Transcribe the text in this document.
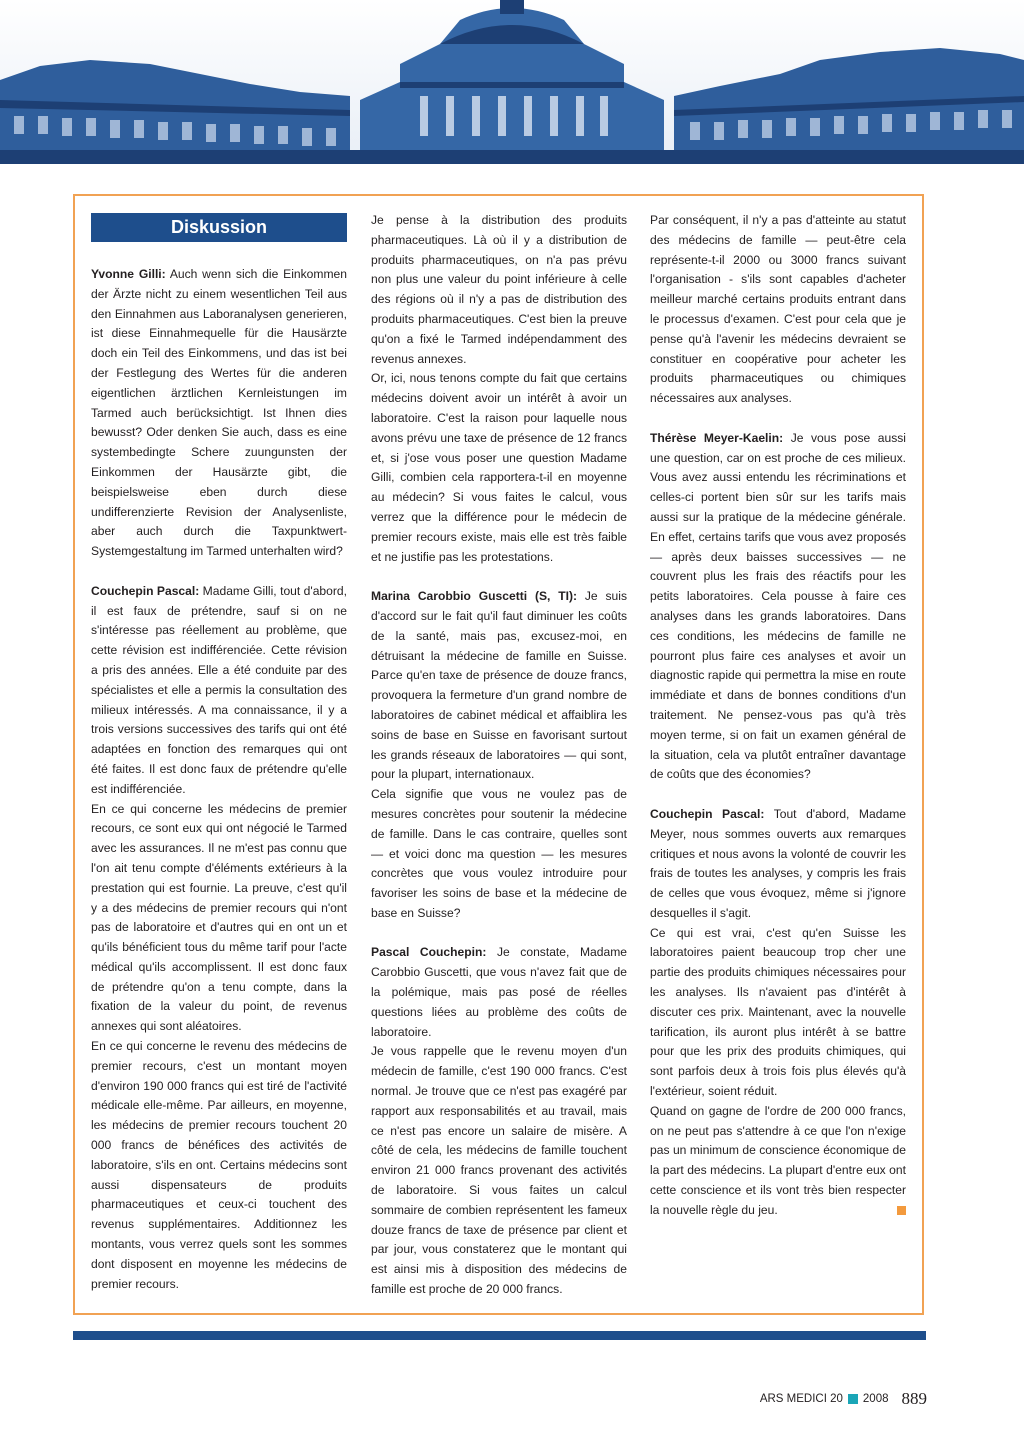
Diskussion

Yvonne Gilli: Auch wenn sich die Einkommen der Ärzte nicht zu einem wesentlichen Teil aus den Einnahmen aus Laboranalysen generieren, ist diese Einnahmequelle für die Hausärzte doch ein Teil des Einkommens, und das ist bei der Festlegung des Wertes für die anderen eigentlichen ärztlichen Kernleistungen im Tarmed auch berücksichtigt. Ist Ihnen dies bewusst? Oder denken Sie auch, dass es eine systembedingte Schere zuungunsten der Einkommen der Hausärzte gibt, die beispielsweise eben durch diese undifferenzierte Revision der Analysenliste, aber auch durch die Taxpunktwert-Systemgestaltung im Tarmed unterhalten wird?

Couchepin Pascal: Madame Gilli, tout d'abord, il est faux de prétendre, sauf si on ne s'intéresse pas réellement au problème, que cette révision est indifférenciée. Cette révision a pris des années. Elle a été conduite par des spécialistes et elle a permis la consultation des milieux intéressés. A ma connaissance, il y a trois versions successives des tarifs qui ont été adaptées en fonction des remarques qui ont été faites. Il est donc faux de prétendre qu'elle est indifférenciée.

En ce qui concerne les médecins de premier recours, ce sont eux qui ont négocié le Tarmed avec les assurances. Il ne m'est pas connu que l'on ait tenu compte d'éléments extérieurs à la prestation qui est fournie. La preuve, c'est qu'il y a des médecins de premier recours qui n'ont pas de laboratoire et d'autres qui en ont un et qu'ils bénéficient tous du même tarif pour l'acte médical qu'ils accomplissent. Il est donc faux de prétendre qu'on a tenu compte, dans la fixation de la valeur du point, de revenus annexes qui sont aléatoires.

En ce qui concerne le revenu des médecins de premier recours, c'est un montant moyen d'environ 190 000 francs qui est tiré de l'activité médicale elle-même. Par ailleurs, en moyenne, les médecins de premier recours touchent 20 000 francs de bénéfices des activités de laboratoire, s'ils en ont. Certains médecins sont aussi dispensateurs de produits pharmaceutiques et ceux-ci touchent des revenus supplémentaires. Additionnez les montants, vous verrez quels sont les sommes dont disposent en moyenne les médecins de premier recours.

Je pense à la distribution des produits pharmaceutiques. Là où il y a distribution de produits pharmaceutiques, on n'a pas prévu non plus une valeur du point inférieure à celle des régions où il n'y a pas de distribution des produits pharmaceutiques. C'est bien la preuve qu'on a fixé le Tarmed indépendamment des revenus annexes.

Or, ici, nous tenons compte du fait que certains médecins doivent avoir un intérêt à avoir un laboratoire. C'est la raison pour laquelle nous avons prévu une taxe de présence de 12 francs et, si j'ose vous poser une question Madame Gilli, combien cela rapportera-t-il en moyenne au médecin? Si vous faites le calcul, vous verrez que la différence pour le médecin de premier recours existe, mais elle est très faible et ne justifie pas les protestations.

Marina Carobbio Guscetti (S, TI): Je suis d'accord sur le fait qu'il faut diminuer les coûts de la santé, mais pas, excusez-moi, en détruisant la médecine de famille en Suisse. Parce qu'en taxe de présence de douze francs, provoquera la fermeture d'un grand nombre de laboratoires de cabinet médical et affaiblira les soins de base en Suisse en favorisant surtout les grands réseaux de laboratoires — qui sont, pour la plupart, internationaux.

Cela signifie que vous ne voulez pas de mesures concrètes pour soutenir la médecine de famille. Dans le cas contraire, quelles sont — et voici donc ma question — les mesures concrètes que vous voulez introduire pour favoriser les soins de base et la médecine de base en Suisse?

Pascal Couchepin: Je constate, Madame Carobbio Guscetti, que vous n'avez fait que de la polémique, mais pas posé de réelles questions liées au problème des coûts de laboratoire.

Je vous rappelle que le revenu moyen d'un médecin de famille, c'est 190 000 francs. C'est normal. Je trouve que ce n'est pas exagéré par rapport aux responsabilités et au travail, mais ce n'est pas encore un salaire de misère. A côté de cela, les médecins de famille touchent environ 21 000 francs provenant des activités de laboratoire. Si vous faites un calcul sommaire de combien représentent les fameux douze francs de taxe de présence par client et par jour, vous constaterez que le montant qui est ainsi mis à disposition des médecins de famille est proche de 20 000 francs.

Par conséquent, il n'y a pas d'atteinte au statut des médecins de famille — peut-être cela représente-t-il 2000 ou 3000 francs suivant l'organisation - s'ils sont capables d'acheter meilleur marché certains produits entrant dans le processus d'examen. C'est pour cela que je pense qu'à l'avenir les médecins devraient se constituer en coopérative pour acheter les produits pharmaceutiques ou chimiques nécessaires aux analyses.

Thérèse Meyer-Kaelin: Je vous pose aussi une question, car on est proche de ces milieux. Vous avez aussi entendu les récriminations et celles-ci portent bien sûr sur les tarifs mais aussi sur la pratique de la médecine générale. En effet, certains tarifs que vous avez proposés — après deux baisses successives — ne couvrent plus les frais des réactifs pour les petits laboratoires. Cela pousse à faire ces analyses dans les grands laboratoires. Dans ces conditions, les médecins de famille ne pourront plus faire ces analyses et avoir un diagnostic rapide qui permettra la mise en route immédiate et dans de bonnes conditions d'un traitement. Ne pensez-vous pas qu'à très moyen terme, si on fait un examen général de la situation, cela va plutôt entraîner davantage de coûts que des économies?

Couchepin Pascal: Tout d'abord, Madame Meyer, nous sommes ouverts aux remarques critiques et nous avons la volonté de couvrir les frais de toutes les analyses, y compris les frais de celles que vous évoquez, même si j'ignore desquelles il s'agit.

Ce qui est vrai, c'est qu'en Suisse les laboratoires paient beaucoup trop cher une partie des produits chimiques nécessaires pour les analyses. Ils n'avaient pas d'intérêt à discuter ces prix. Maintenant, avec la nouvelle tarification, ils auront plus intérêt à se battre pour que les prix des produits chimiques, qui sont parfois deux à trois fois plus élevés qu'à l'extérieur, soient réduit.

Quand on gagne de l'ordre de 200 000 francs, on ne peut pas s'attendre à ce que l'on n'exige pas un minimum de conscience économique de la part des médecins. La plupart d'entre eux ont cette conscience et ils vont très bien respecter la nouvelle règle du jeu.

ARS MEDICI 20 2008 889
